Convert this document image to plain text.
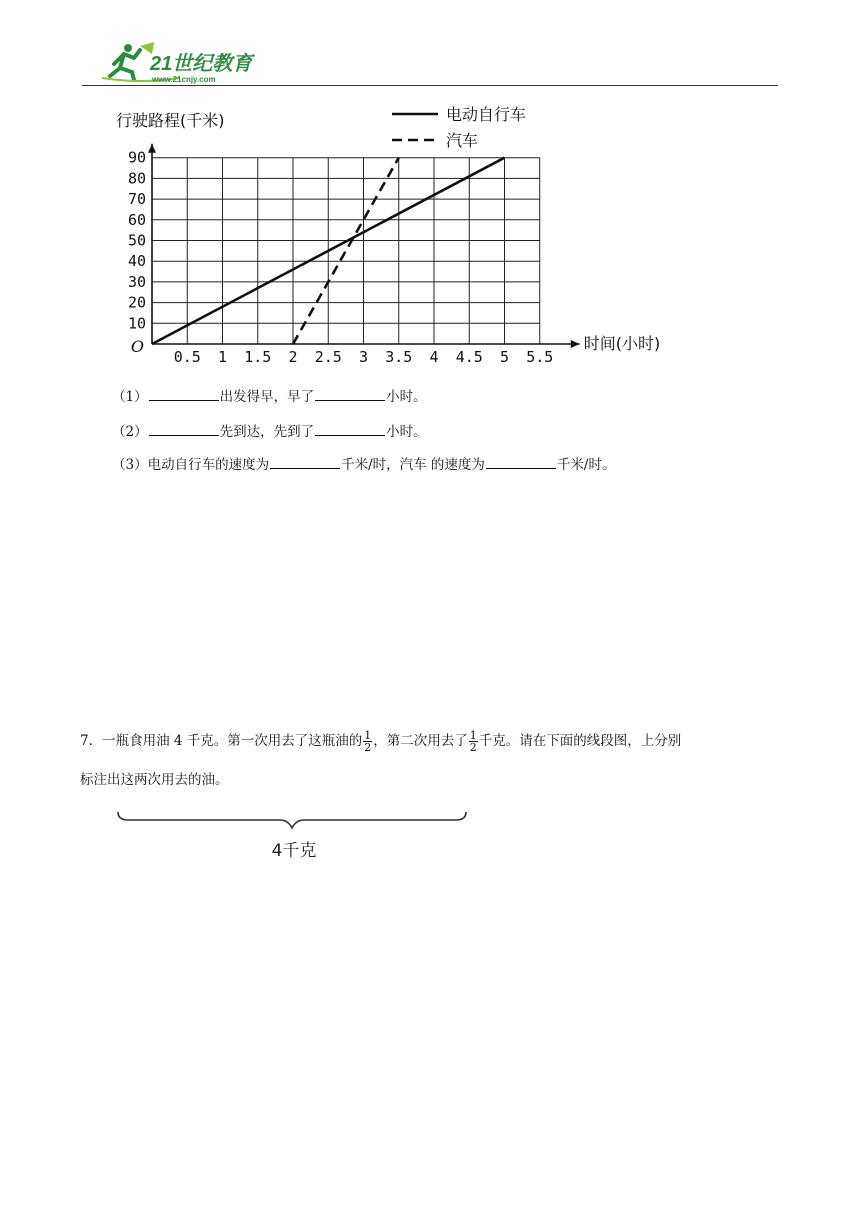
21世纪教育
www.21cnjy.com
0.5 1 1.5 2 2.5 3 3.5 4 4.5 5 5.5
10
20
30
40
50
60
70
80
90
O
行驶路程(千米)
时间(小时)
电动自行车
汽车
（1）	出发得早，早了	小时。
（2）	先到达，先到了	小时。
（3）电动自行车的速度为	千米/时，汽车 的速度为	千米/时。
7．一瓶食用油 4 千克。第一次用去了这瓶油的 $\frac{1}{2}$ ，第二次用去了 $\frac{1}{2}$ 千克。请在下面的线段图，上分别
标注出这两次用去的油。
4千克
